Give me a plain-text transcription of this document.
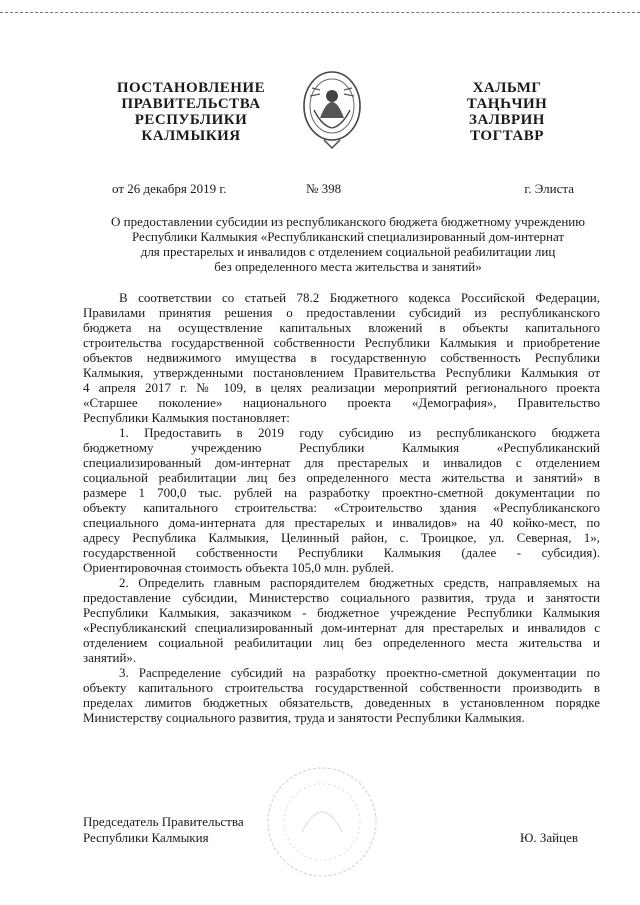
ПОСТАНОВЛЕНИЕ
ПРАВИТЕЛЬСТВА
РЕСПУБЛИКИ
КАЛМЫКИЯ
ХАЛЬМГ
ТАҢҺЧИН
ЗАЛВРИН
ТОГТАВР
от 26 декабря 2019 г.	№ 398	г. Элиста
О предоставлении субсидии из республиканского бюджета бюджетному учреждению
Республики Калмыкия «Республиканский специализированный дом-интернат
для престарелых и инвалидов с отделением социальной реабилитации лиц
без определенного места жительства и занятий»
В соответствии со статьей 78.2 Бюджетного кодекса Российской Федерации,
Правилами принятия решения о предоставлении субсидий из республиканского
бюджета на осуществление капитальных вложений в объекты капитального
строительства государственной собственности Республики Калмыкия и приобретение
объектов недвижимого имущества в государственную собственность Республики
Калмыкия, утвержденными постановлением Правительства Республики Калмыкия от
4 апреля 2017 г. № 109, в целях реализации мероприятий регионального проекта
«Старшее поколение» национального проекта «Демография», Правительство
Республики Калмыкия постановляет:
1. Предоставить в 2019 году субсидию из республиканского бюджета
бюджетному учреждению Республики Калмыкия «Республиканский
специализированный дом-интернат для престарелых и инвалидов с отделением
социальной реабилитации лиц без определенного места жительства и занятий» в
размере 1 700,0 тыс. рублей на разработку проектно-сметной документации по
объекту капитального строительства: «Строительство здания «Республиканского
специального дома-интерната для престарелых и инвалидов» на 40 койко-мест, по
адресу Республика Калмыкия, Целинный район, с. Троицкое, ул. Северная, 1»,
государственной собственности Республики Калмыкия (далее - субсидия).
Ориентировочная стоимость объекта 105,0 млн. рублей.
2. Определить главным распорядителем бюджетных средств, направляемых на
предоставление субсидии, Министерство социального развития, труда и занятости
Республики Калмыкия, заказчиком - бюджетное учреждение Республики Калмыкия
«Республиканский специализированный дом-интернат для престарелых и инвалидов с
отделением социальной реабилитации лиц без определенного места жительства и
занятий».
3. Распределение субсидий на разработку проектно-сметной документации по
объекту капитального строительства государственной собственности производить в
пределах лимитов бюджетных обязательств, доведенных в установленном порядке
Министерству социального развития, труда и занятости Республики Калмыкия.
Председатель Правительства
Республики Калмыкия	Ю. Зайцев
